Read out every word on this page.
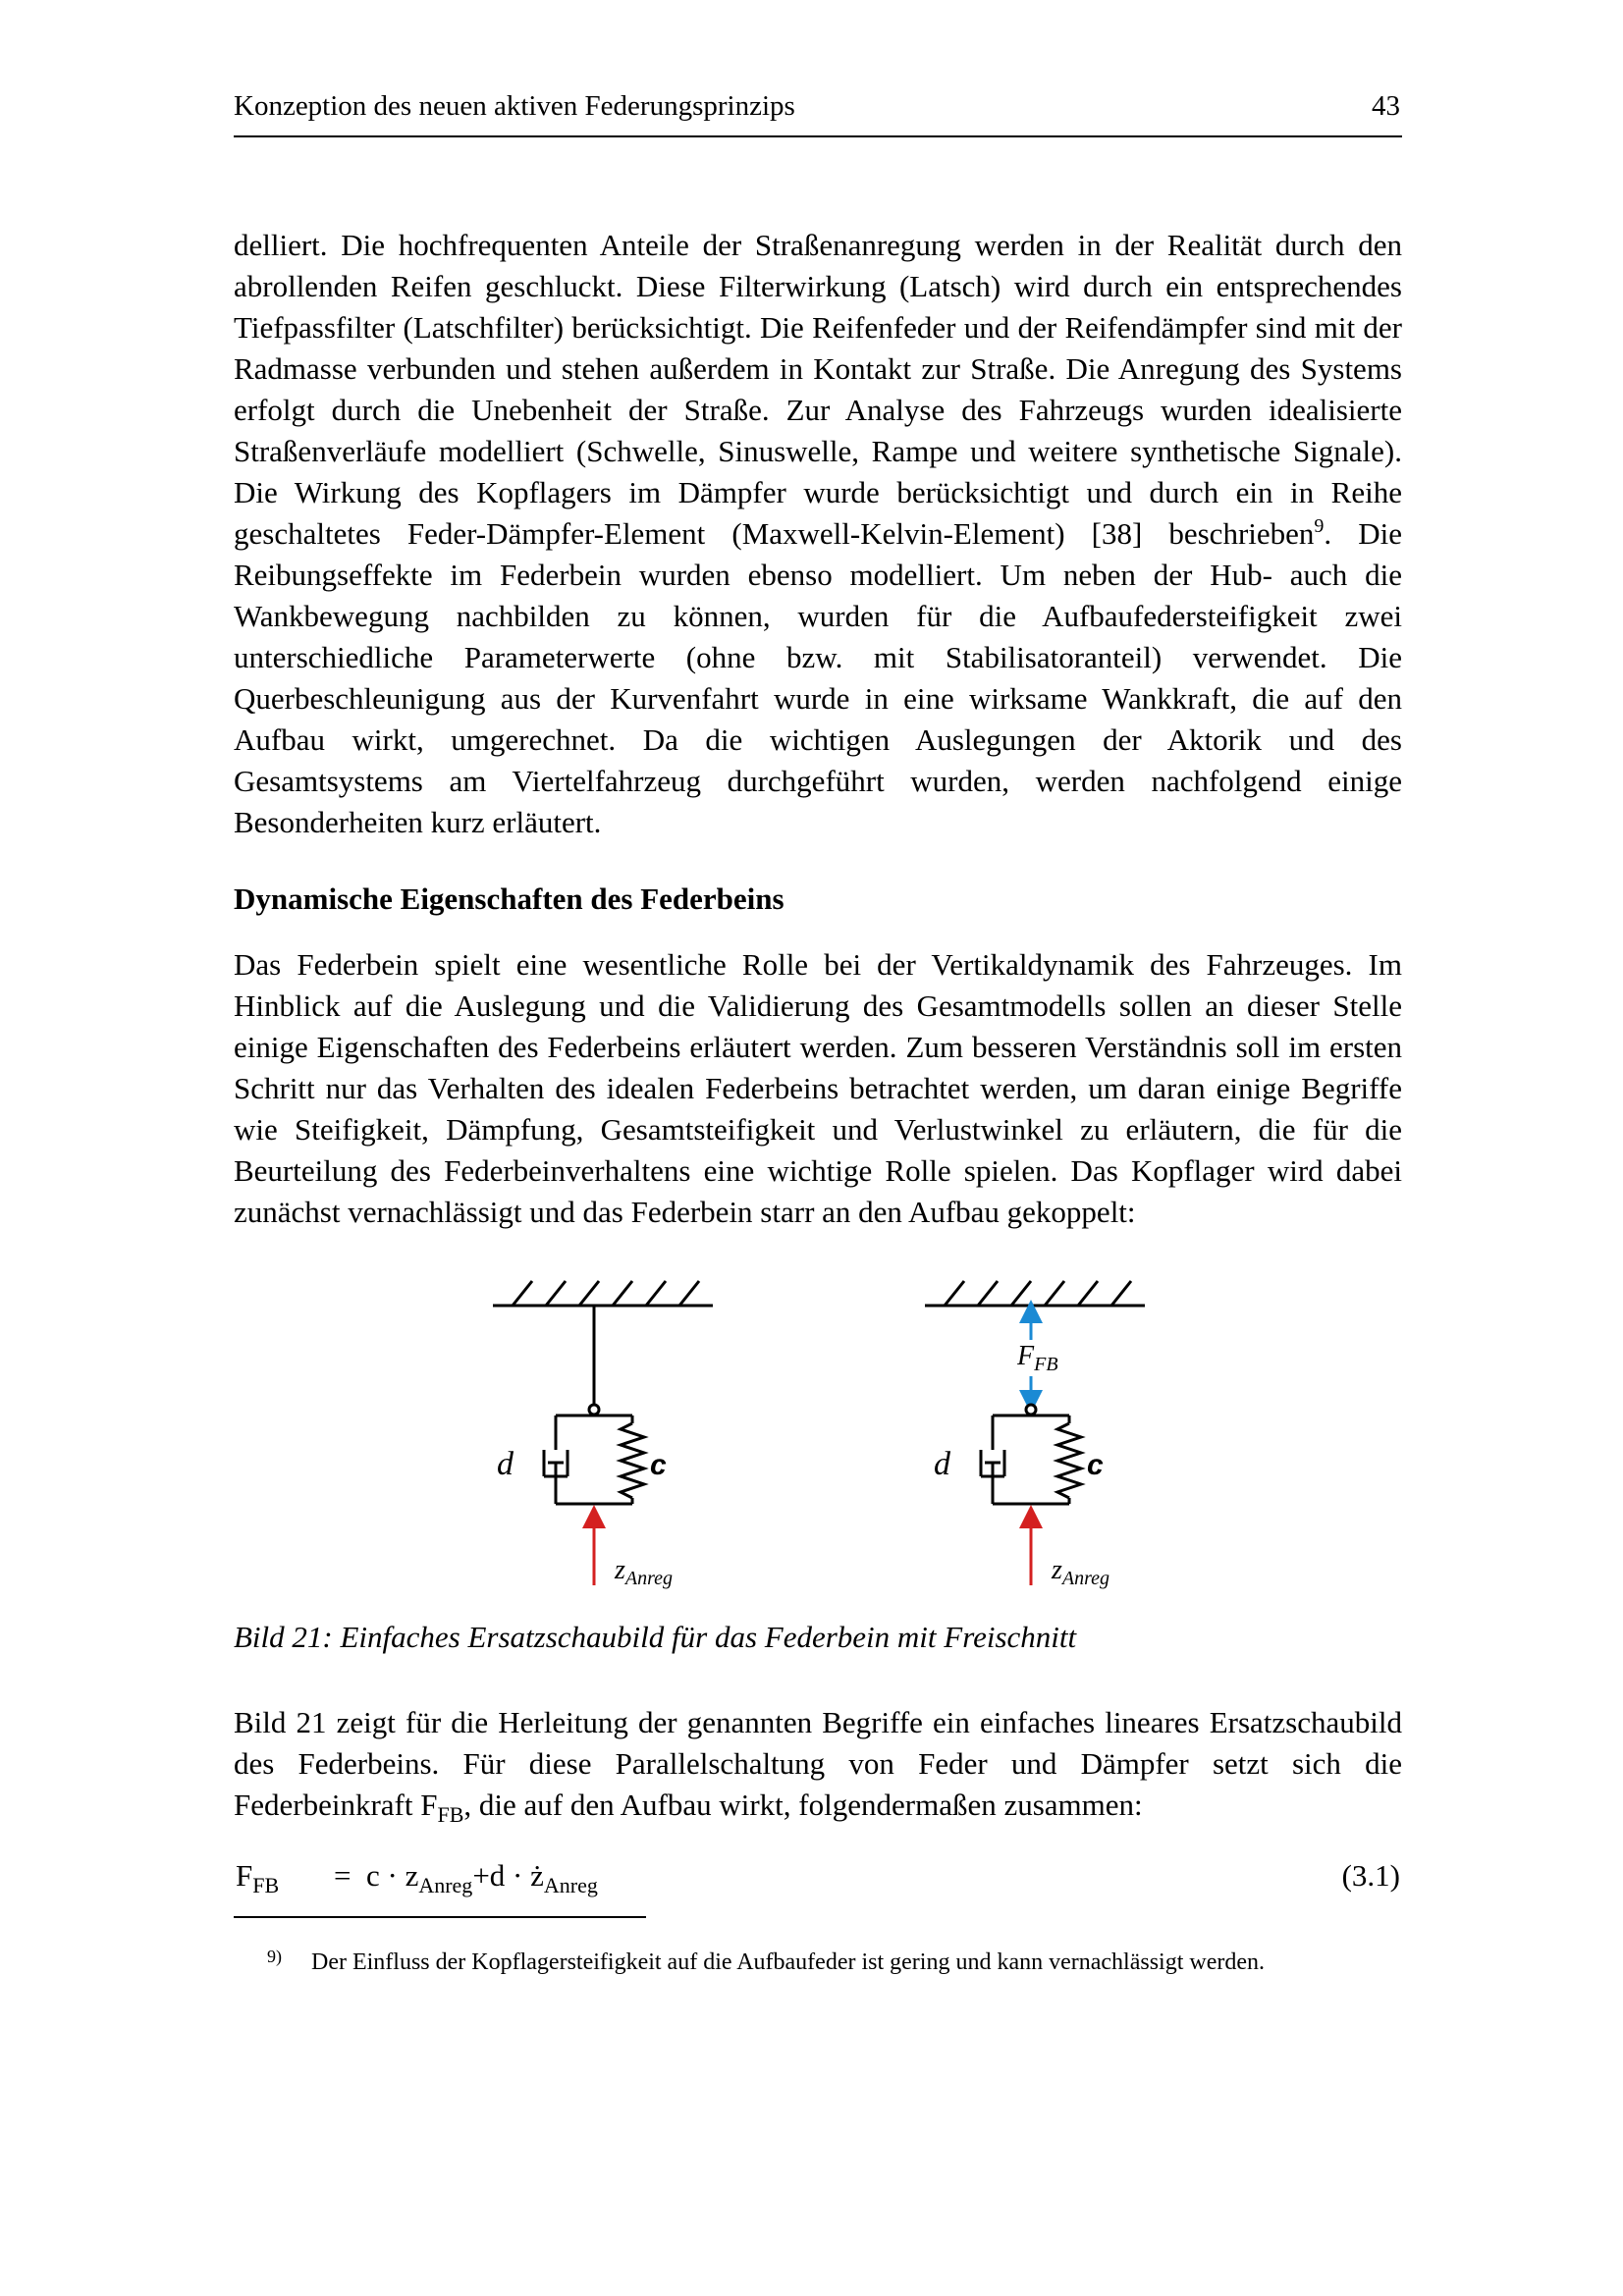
Konzeption des neuen aktiven Federungsprinzips	43
delliert. Die hochfrequenten Anteile der Straßenanregung werden in der Realität durch den abrollenden Reifen geschluckt. Diese Filterwirkung (Latsch) wird durch ein entsprechendes Tiefpassfilter (Latschfilter) berücksichtigt. Die Reifenfeder und der Reifendämpfer sind mit der Radmasse verbunden und stehen außerdem in Kontakt zur Straße. Die Anregung des Systems erfolgt durch die Unebenheit der Straße. Zur Analyse des Fahrzeugs wurden idealisierte Straßenverläufe modelliert (Schwelle, Sinuswelle, Rampe und weitere synthetische Signale). Die Wirkung des Kopflagers im Dämpfer wurde berücksichtigt und durch ein in Reihe geschaltetes Feder-Dämpfer-Element (Maxwell-Kelvin-Element) [38] beschrieben$^9$. Die Reibungseffekte im Federbein wurden ebenso modelliert. Um neben der Hub- auch die Wankbewegung nachbilden zu können, wurden für die Aufbaufedersteifigkeit zwei unterschiedliche Parameterwerte (ohne bzw. mit Stabilisatoranteil) verwendet. Die Querbeschleunigung aus der Kurvenfahrt wurde in eine wirksame Wankkraft, die auf den Aufbau wirkt, umgerechnet. Da die wichtigen Auslegungen der Aktorik und des Gesamtsystems am Viertelfahrzeug durchgeführt wurden, werden nachfolgend einige Besonderheiten kurz erläutert.
Dynamische Eigenschaften des Federbeins
Das Federbein spielt eine wesentliche Rolle bei der Vertikaldynamik des Fahrzeuges. Im Hinblick auf die Auslegung und die Validierung des Gesamtmodells sollen an dieser Stelle einige Eigenschaften des Federbeins erläutert werden. Zum besseren Verständnis soll im ersten Schritt nur das Verhalten des idealen Federbeins betrachtet werden, um daran einige Begriffe wie Steifigkeit, Dämpfung, Gesamtsteifigkeit und Verlustwinkel zu erläutern, die für die Beurteilung des Federbeinverhaltens eine wichtige Rolle spielen. Das Kopflager wird dabei zunächst vernachlässigt und das Federbein starr an den Aufbau gekoppelt:
d	c
$z_{Anreg}$
$F_{FB}$
d	c
$z_{Anreg}$
Bild 21: Einfaches Ersatzschaubild für das Federbein mit Freischnitt
Bild 21 zeigt für die Herleitung der genannten Begriffe ein einfaches lineares Ersatzschaubild des Federbeins. Für diese Parallelschaltung von Feder und Dämpfer setzt sich die Federbeinkraft $F_{FB}$, die auf den Aufbau wirkt, folgendermaßen zusammen:
$F_{FB} = c \cdot z_{Anreg}+d$ · $ż_{Anreg}$	(3.1)
9) Der Einfluss der Kopflagersteifigkeit auf die Aufbaufeder ist gering und kann vernachlässigt werden.
